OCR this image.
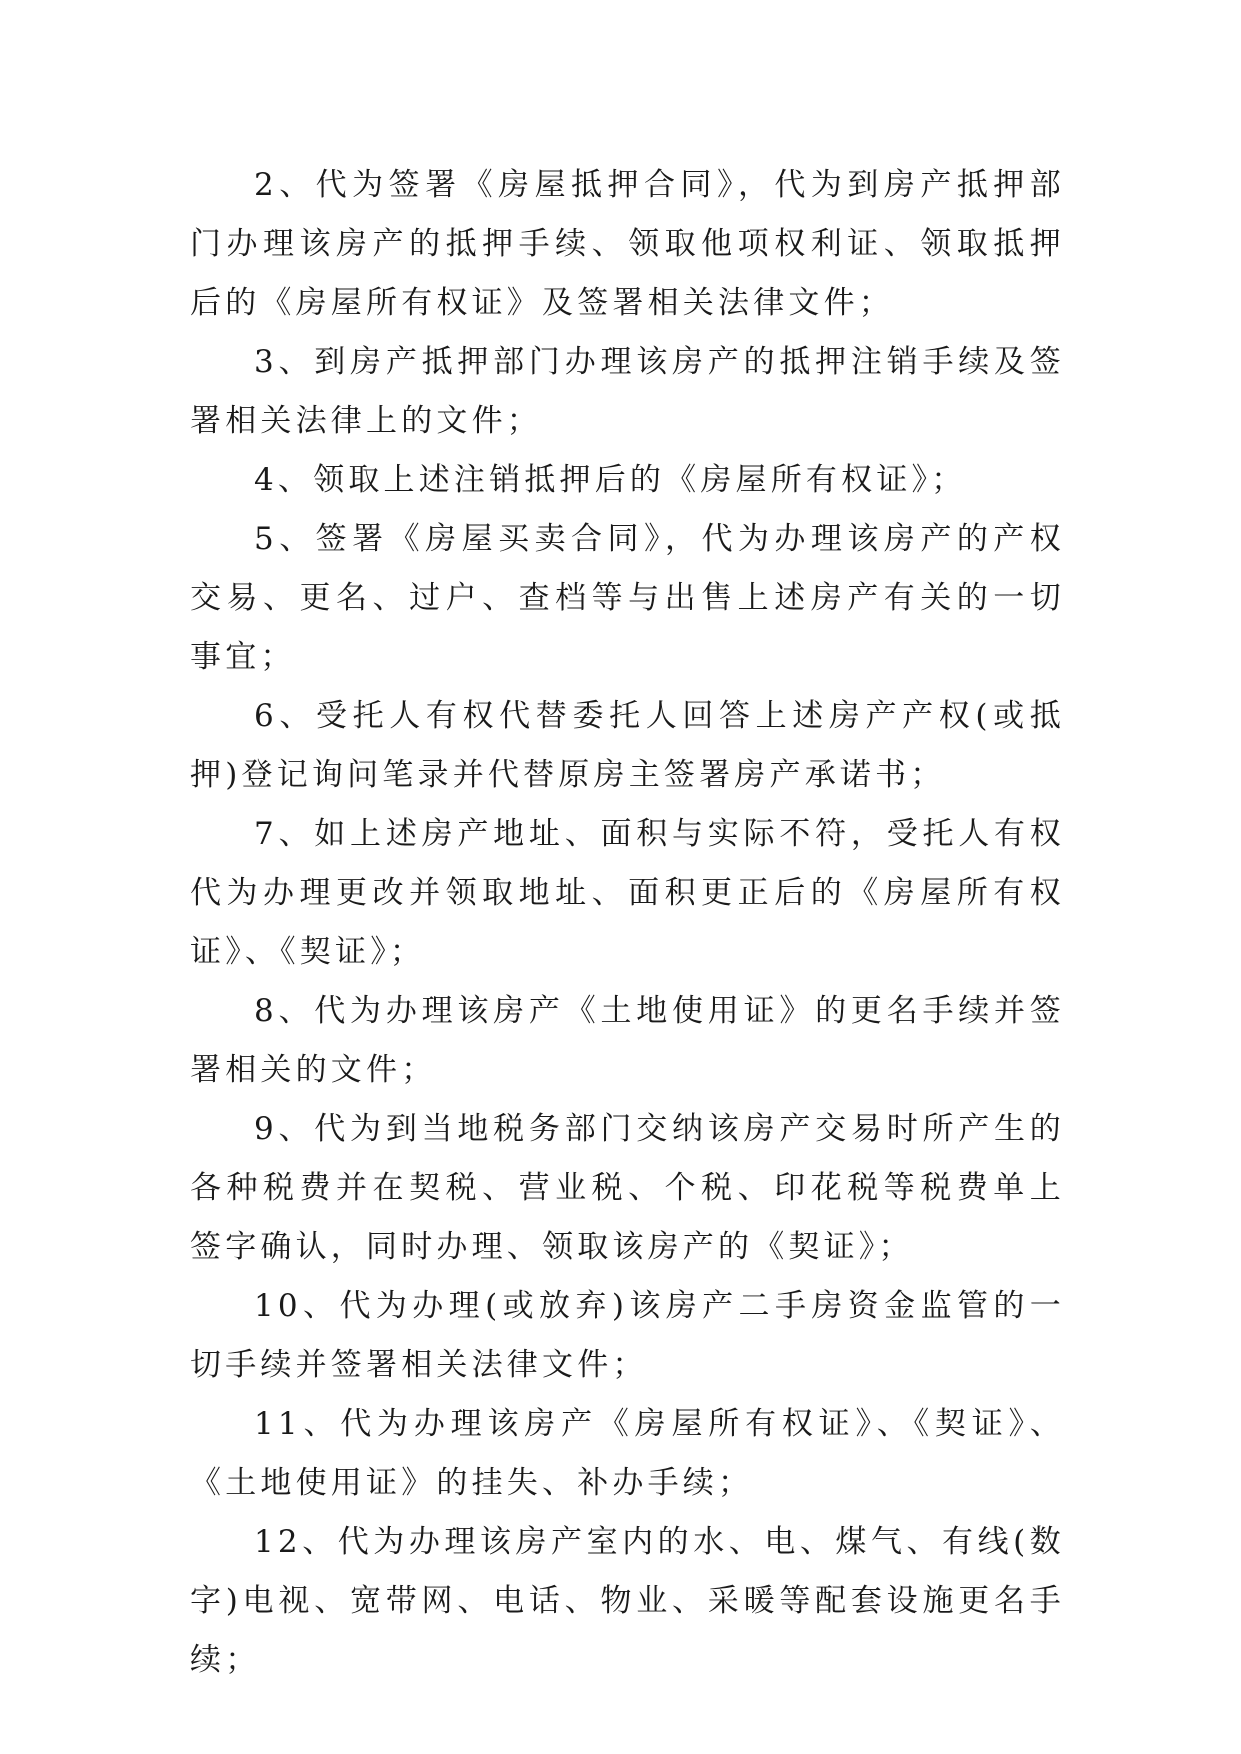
2、代为签署《房屋抵押合同》，代为到房产抵押部门办理该房产的抵押手续、领取他项权利证、领取抵押后的《房屋所有权证》及签署相关法律文件；

3、到房产抵押部门办理该房产的抵押注销手续及签署相关法律上的文件；

4、领取上述注销抵押后的《房屋所有权证》；

5、签署《房屋买卖合同》，代为办理该房产的产权交易、更名、过户、查档等与出售上述房产有关的一切事宜；

6、受托人有权代替委托人回答上述房产产权(或抵押)登记询问笔录并代替原房主签署房产承诺书；

7、如上述房产地址、面积与实际不符，受托人有权代为办理更改并领取地址、面积更正后的《房屋所有权证》、《契证》；

8、代为办理该房产《土地使用证》的更名手续并签署相关的文件；

9、代为到当地税务部门交纳该房产交易时所产生的各种税费并在契税、营业税、个税、印花税等税费单上签字确认，同时办理、领取该房产的《契证》；

10、代为办理(或放弃)该房产二手房资金监管的一切手续并签署相关法律文件；

11、代为办理该房产《房屋所有权证》、《契证》、《土地使用证》的挂失、补办手续；

12、代为办理该房产室内的水、电、煤气、有线(数字)电视、宽带网、电话、物业、采暖等配套设施更名手续；
